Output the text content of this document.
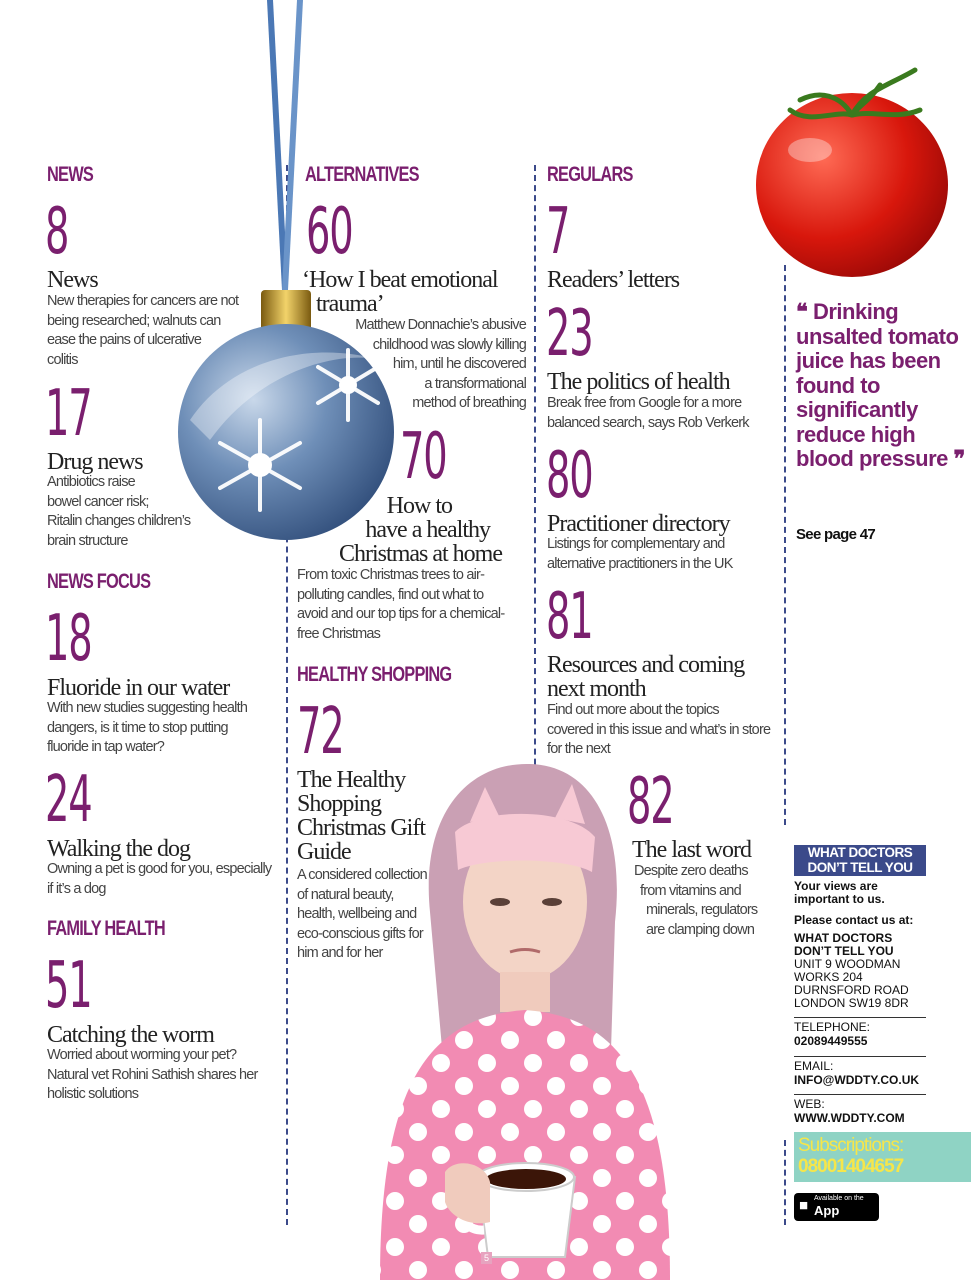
NEWS
8
News
New therapies for cancers are not
being researched; walnuts can
ease the pains of ulcerative
colitis
17
Drug news
Antibiotics raise
bowel cancer risk;
Ritalin changes children’s
brain structure
NEWS FOCUS
18
Fluoride in our water
With new studies suggesting health
dangers, is it time to stop putting
fluoride in tap water?
24
Walking the dog
Owning a pet is good for you, especially
if it’s a dog
FAMILY HEALTH
51
Catching the worm
Worried about worming your pet?
Natural vet Rohini Sathish shares her
holistic solutions
ALTERNATIVES
60
‘How I beat emotional
trauma’
Matthew Donnachie’s abusive
childhood was slowly killing
him, until he discovered
a transformational
method of breathing
70
How to
have a healthy
Christmas at home
From toxic Christmas trees to air-
polluting candles, find out what to
avoid and our top tips for a chemical-
free Christmas
HEALTHY SHOPPING
72
The Healthy
Shopping
Christmas Gift
Guide
A considered collection
of natural beauty,
health, wellbeing and
eco-conscious gifts for
him and for her
REGULARS
7
Readers’ letters
23
The politics of health
Break free from Google for a more
balanced search, says Rob Verkerk
80
Practitioner directory
Listings for complementary and
alternative practitioners in the UK
81
Resources and coming
next month
Find out more about the topics
covered in this issue and what’s in store
for the next
82
The last word
Despite zero deaths
from vitamins and
minerals, regulators
are clamping down
❝ Drinking unsalted tomato juice has been found to significantly reduce high blood pressure ❞
See page 47
WHAT DOCTORS
DON’T TELL YOU
Your views are
important to us.
Please contact us at:
WHAT DOCTORS
DON’T TELL YOU
UNIT 9 WOODMAN
WORKS 204
DURNSFORD ROAD
LONDON SW19 8DR
TELEPHONE:
02089449555
EMAIL:
INFO@WDDTY.CO.UK
WEB:
WWW.WDDTY.COM
Subscriptions:
08001404657
■ Available on the
App Store
5
